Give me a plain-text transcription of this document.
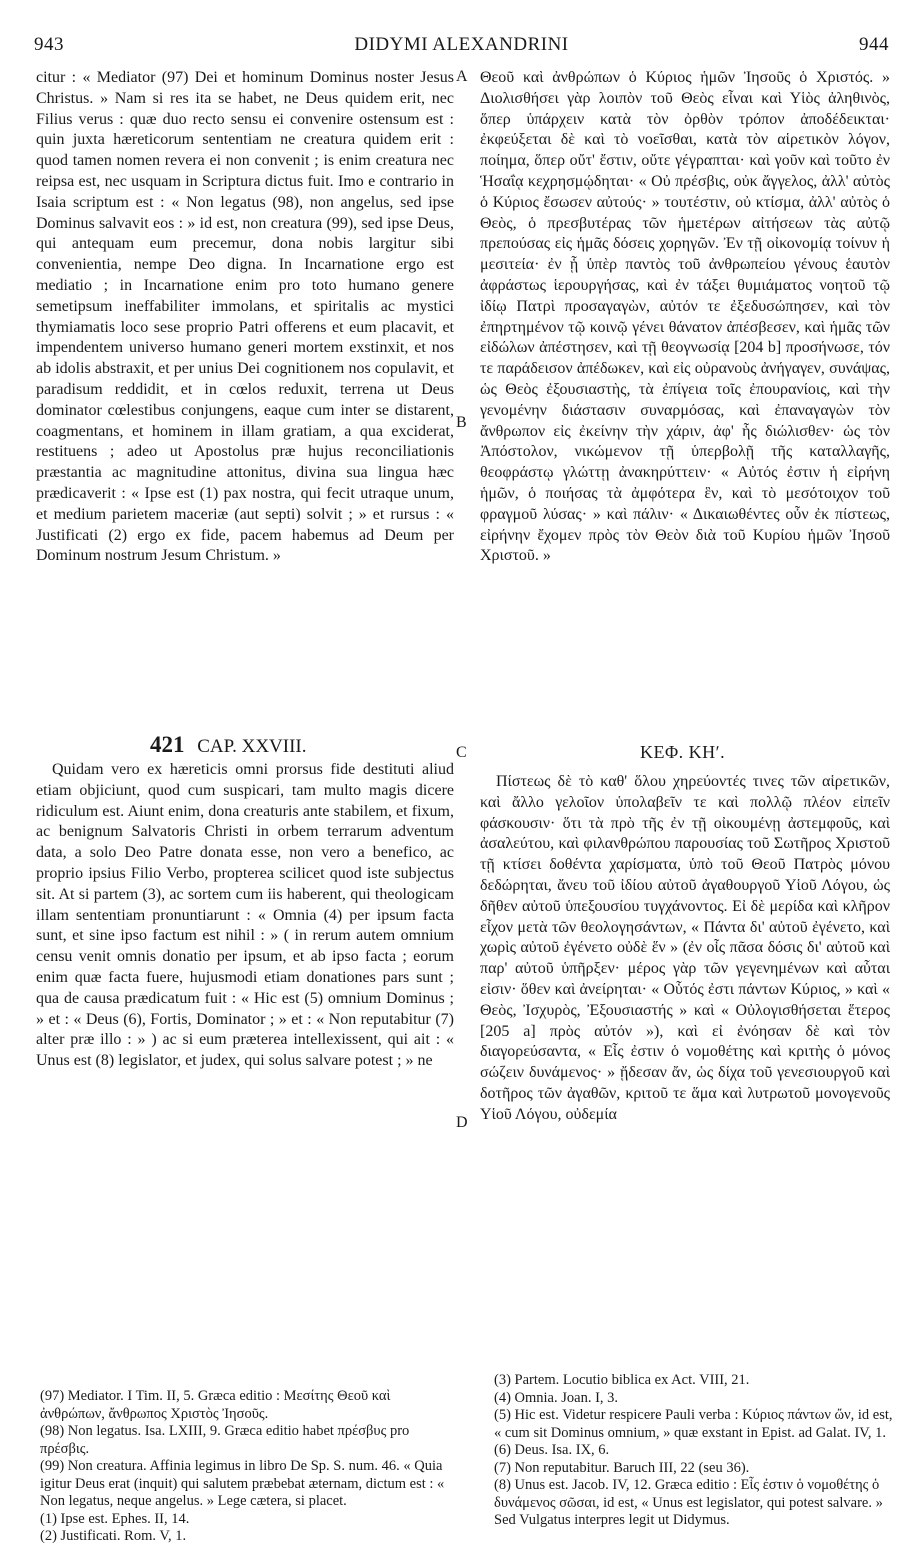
943	DIDYMI ALEXANDRINI	944
A
B
C
D

citur : « Mediator (97) Dei et hominum Dominus noster Jesus Christus. » Nam si res ita se habet, ne Deus quidem erit, nec Filius verus : quæ duo recto sensu ei convenire ostensum est : quin juxta hæreticorum sententiam ne creatura quidem erit : quod tamen nomen revera ei non convenit ; is enim creatura nec reipsa est, nec usquam in Scriptura dictus fuit. Imo e contrario in Isaia scriptum est : « Non legatus (98), non angelus, sed ipse Dominus salvavit eos : » id est, non creatura (99), sed ipse Deus, qui antequam eum precemur, dona nobis largitur sibi convenientia, nempe Deo digna. In Incarnatione ergo est mediatio ; in Incarnatione enim pro toto humano genere semetipsum ineffabiliter immolans, et spiritalis ac mystici thymiamatis loco sese proprio Patri offerens et eum placavit, et impendentem universo humano generi mortem exstinxit, et nos ab idolis abstraxit, et per unius Dei cognitionem nos copulavit, et paradisum reddidit, et in cœlos reduxit, terrena ut Deus dominator cœlestibus conjungens, eaque cum inter se distarent, coagmentans, et hominem in illam gratiam, a qua exciderat, restituens ; adeo ut Apostolus præ hujus reconciliationis præstantia ac magnitudine attonitus, divina sua lingua hæc prædicaverit : « Ipse est (1) pax nostra, qui fecit utraque unum, et medium parietem maceriæ (aut septi) solvit ; » et rursus : « Justificati (2) ergo ex fide, pacem habemus ad Deum per Dominum nostrum Jesum Christum. »

Θεοῦ καὶ ἀνθρώπων ὁ Κύριος ἡμῶν Ἰησοῦς ὁ Χριστός. » Διολισθήσει γὰρ λοιπὸν τοῦ Θεὸς εἶναι καὶ Υἱὸς ἀληθινὸς, ὅπερ ὑπάρχειν κατὰ τὸν ὀρθὸν τρόπον ἀποδέδεικται· ἐκφεύξεται δὲ καὶ τὸ νοεῖσθαι, κατὰ τὸν αἱρετικὸν λόγον, ποίημα, ὅπερ οὔτ' ἔστιν, οὔτε γέγραπται· καὶ γοῦν καὶ τοῦτο ἐν Ἡσαΐᾳ κεχρησμῴδηται· « Οὐ πρέσβις, οὐκ ἄγγελος, ἀλλ' αὐτὸς ὁ Κύριος ἔσωσεν αὐτούς· » τουτέστιν, οὐ κτίσμα, ἀλλ' αὐτὸς ὁ Θεὸς, ὁ πρεσβυτέρας τῶν ἡμετέρων αἰτήσεων τὰς αὐτῷ πρεπούσας εἰς ἡμᾶς δόσεις χορηγῶν. Ἐν τῇ οἰκονομίᾳ τοίνυν ἡ μεσιτεία· ἐν ᾗ ὑπὲρ παντὸς τοῦ ἀνθρωπείου γένους ἑαυτὸν ἀφράστως ἱερουργήσας, καὶ ἐν τάξει θυμιάματος νοητοῦ τῷ ἰδίῳ Πατρὶ προσαγαγὼν, αὐτόν τε ἐξεδυσώπησεν, καὶ τὸν ἐπηρτημένον τῷ κοινῷ γένει θάνατον ἀπέσβεσεν, καὶ ἡμᾶς τῶν εἰδώλων ἀπέστησεν, καὶ τῇ θεογνωσίᾳ [204 b] προσήνωσε, τόν τε παράδεισον ἀπέδωκεν, καὶ εἰς οὐρανοὺς ἀνήγαγεν, συνάψας, ὡς Θεὸς ἐξουσιαστὴς, τὰ ἐπίγεια τοῖς ἐπουρανίοις, καὶ τὴν γενομένην διάστασιν συναρμόσας, καὶ ἐπαναγαγὼν τὸν ἄνθρωπον εἰς ἐκείνην τὴν χάριν, ἀφ' ἧς διώλισθεν· ὡς τὸν Ἀπόστολον, νικώμενον τῇ ὑπερβολῇ τῆς καταλλαγῆς, θεοφράστῳ γλώττῃ ἀνακηρύττειν· « Αὐτός ἐστιν ἡ εἰρήνη ἡμῶν, ὁ ποιήσας τὰ ἀμφότερα ἓν, καὶ τὸ μεσότοιχον τοῦ φραγμοῦ λύσας· » καὶ πάλιν· « Δικαιωθέντες οὖν ἐκ πίστεως, εἰρήνην ἔχομεν πρὸς τὸν Θεὸν διὰ τοῦ Κυρίου ἡμῶν Ἰησοῦ Χριστοῦ. »

421 CAP. XXVIII.	ΚΕΦ. ΚΗʹ.

Quidam vero ex hæreticis omni prorsus fide destituti aliud etiam objiciunt, quod cum suspicari, tam multo magis dicere ridiculum est. Aiunt enim, dona creaturis ante stabilem, et fixum, ac benignum Salvatoris Christi in orbem terrarum adventum data, a solo Deo Patre donata esse, non vero a benefico, ac proprio ipsius Filio Verbo, propterea scilicet quod iste subjectus sit. At si partem (3), ac sortem cum iis haberent, qui theologicam illam sententiam pronuntiarunt : « Omnia (4) per ipsum facta sunt, et sine ipso factum est nihil : » ( in rerum autem omnium censu venit omnis donatio per ipsum, et ab ipso facta ; eorum enim quæ facta fuere, hujusmodi etiam donationes pars sunt ; qua de causa prædicatum fuit : « Hic est (5) omnium Dominus ; » et : « Deus (6), Fortis, Dominator ; » et : « Non reputabitur (7) alter præ illo : » ) ac si eum præterea intellexissent, qui ait : « Unus est (8) legislator, et judex, qui solus salvare potest ; » ne

Πίστεως δὲ τὸ καθ' ὅλου χηρεύοντές τινες τῶν αἱρετικῶν, καὶ ἄλλο γελοῖον ὑπολαβεῖν τε καὶ πολλῷ πλέον εἰπεῖν φάσκουσιν· ὅτι τὰ πρὸ τῆς ἐν τῇ οἰκουμένῃ ἀστεμφοῦς, καὶ ἀσαλεύτου, καὶ φιλανθρώπου παρουσίας τοῦ Σωτῆρος Χριστοῦ τῇ κτίσει δοθέντα χαρίσματα, ὑπὸ τοῦ Θεοῦ Πατρὸς μόνου δεδώρηται, ἄνευ τοῦ ἰδίου αὐτοῦ ἀγαθουργοῦ Υἱοῦ Λόγου, ὡς δῆθεν αὐτοῦ ὑπεξουσίου τυγχάνοντος. Εἰ δὲ μερίδα καὶ κλῆρον εἶχον μετὰ τῶν θεολογησάντων, « Πάντα δι' αὐτοῦ ἐγένετο, καὶ χωρὶς αὐτοῦ ἐγένετο οὐδὲ ἕν » (ἐν οἷς πᾶσα δόσις δι' αὐτοῦ καὶ παρ' αὐτοῦ ὑπῆρξεν· μέρος γὰρ τῶν γεγενημένων καὶ αὗται εἰσιν· ὅθεν καὶ ἀνείρηται· « Οὗτός ἐστι πάντων Κύριος, » καὶ « Θεὸς, Ἰσχυρὸς, Ἐξουσιαστής » καὶ « Οὐλογισθήσεται ἕτερος [205 a] πρὸς αὐτόν »), καὶ εἰ ἐνόησαν δὲ καὶ τὸν διαγορεύσαντα, « Εἷς ἐστιν ὁ νομοθέτης καὶ κριτὴς ὁ μόνος σώζειν δυνάμενος· » ᾔδεσαν ἄν, ὡς δίχα τοῦ γενεσιουργοῦ καὶ δοτῆρος τῶν ἀγαθῶν, κριτοῦ τε ἅμα καὶ λυτρωτοῦ μονογενοῦς Υἱοῦ Λόγου, οὐδεμία

(97) Mediator. I Tim. II, 5. Græca editio : Μεσίτης Θεοῦ καὶ ἀνθρώπων, ἄνθρωπος Χριστὸς Ἰησοῦς.

(98) Non legatus. Isa. LXIII, 9. Græca editio habet πρέσβυς pro πρέσβις.

(99) Non creatura. Affinia legimus in libro De Sp. S. num. 46. « Quia igitur Deus erat (inquit) qui salutem præbebat æternam, dictum est : « Non legatus, neque angelus. » Lege cætera, si placet.

(1) Ipse est. Ephes. II, 14.

(2) Justificati. Rom. V, 1.

(3) Partem. Locutio biblica ex Act. VIII, 21.

(4) Omnia. Joan. I, 3.

(5) Hic est. Videtur respicere Pauli verba : Κύριος πάντων ὤν, id est, « cum sit Dominus omnium, » quæ exstant in Epist. ad Galat. IV, 1.

(6) Deus. Isa. IX, 6.

(7) Non reputabitur. Baruch III, 22 (seu 36).

(8) Unus est. Jacob. IV, 12. Græca editio : Εἷς ἐστιν ὁ νομοθέτης ὁ δυνάμενος σῶσαι, id est, « Unus est legislator, qui potest salvare. » Sed Vulgatus interpres legit ut Didymus.
